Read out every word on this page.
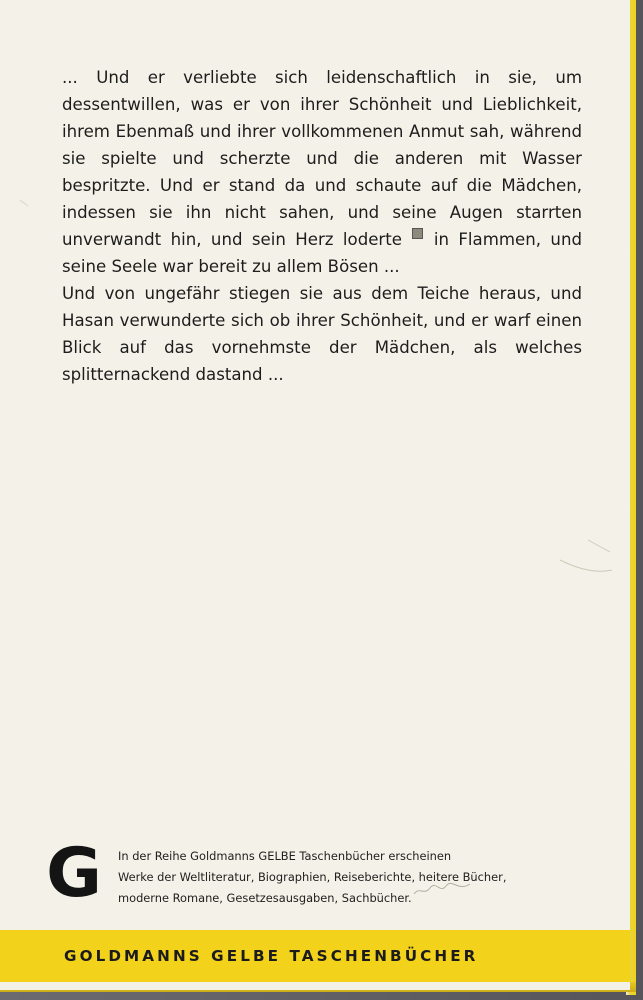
... Und er verliebte sich leidenschaftlich in sie, um dessentwillen, was er von ihrer Schönheit und Lieblichkeit, ihrem Ebenmaß und ihrer vollkommenen Anmut sah, während sie spielte und scherzte und die anderen mit Wasser bespritzte. Und er stand da und schaute auf die Mädchen, indessen sie ihn nicht sahen, und seine Augen starrten unverwandt hin, und sein Herz loderte in Flammen, und seine Seele war bereit zu allem Bösen ...

Und von ungefähr stiegen sie aus dem Teiche heraus, und Hasan verwunderte sich ob ihrer Schönheit, und er warf einen Blick auf das vornehmste der Mädchen, als welches splitternackend dastand ...

G In der Reihe Goldmanns GELBE Taschenbücher erscheinen
Werke der Weltliteratur, Biographien, Reiseberichte, heitere Bücher,
moderne Romane, Gesetzesausgaben, Sachbücher.
GOLDMANNS GELBE TASCHENBÜCHER
